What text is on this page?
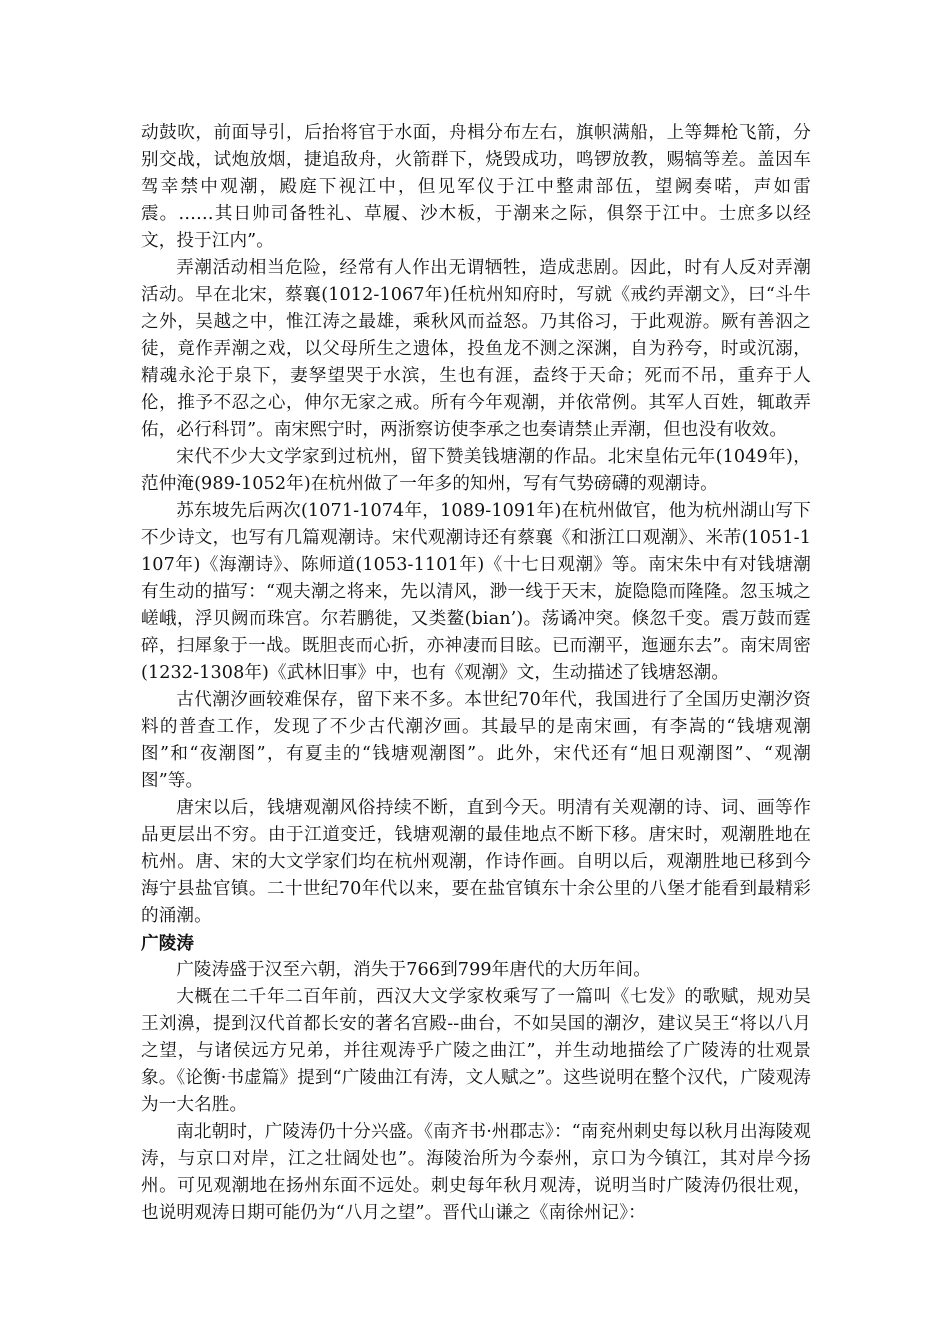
动鼓吹，前面导引，后抬将官于水面，舟楫分布左右，旗帜满船，上等舞枪飞箭，分别交战，试炮放烟，捷追敌舟，火箭群下，烧毁成功，鸣锣放教，赐犒等差。盖因车驾幸禁中观潮，殿庭下视江中，但见军仪于江中整肃部伍，望阙奏喏，声如雷震。……其日帅司备牲礼、草履、沙木板，于潮来之际，俱祭于江中。士庶多以经文，投于江内”。

弄潮活动相当危险，经常有人作出无谓牺牲，造成悲剧。因此，时有人反对弄潮活动。早在北宋，蔡襄(1012-1067年)任杭州知府时，写就《戒约弄潮文》，曰“斗牛之外，吴越之中，惟江涛之最雄，乘秋风而益怒。乃其俗习，于此观游。厥有善泅之徒，竟作弄潮之戏，以父母所生之遗体，投鱼龙不测之深渊，自为矜夸，时或沉溺，精魂永沦于泉下，妻孥望哭于水滨，生也有涯，盍终于天命；死而不吊，重弃于人伦，推予不忍之心，伸尔无家之戒。所有今年观潮，并依常例。其军人百姓，辄敢弄佑，必行科罚”。南宋熙宁时，两浙察访使李承之也奏请禁止弄潮，但也没有收效。

宋代不少大文学家到过杭州，留下赞美钱塘潮的作品。北宋皇佑元年(1049年)，范仲淹(989-1052年)在杭州做了一年多的知州，写有气势磅礴的观潮诗。

苏东坡先后两次(1071-1074年，1089-1091年)在杭州做官，他为杭州湖山写下不少诗文，也写有几篇观潮诗。宋代观潮诗还有蔡襄《和浙江口观潮》、米芾(1051-1107年)《海潮诗》、陈师道(1053-1101年)《十七日观潮》等。南宋朱中有对钱塘潮有生动的描写：“观夫潮之将来，先以清风，渺一线于天末，旋隐隐而隆隆。忽玉城之嵯峨，浮贝阙而珠宫。尔若鹏徙，又类鳌(bian’)。荡谲冲突。倏忽千变。震万鼓而霆碎，扫犀象于一战。既胆丧而心折，亦神凄而目眩。已而潮平，迤逦东去”。南宋周密(1232-1308年)《武林旧事》中，也有《观潮》文，生动描述了钱塘怒潮。

古代潮汐画较难保存，留下来不多。本世纪70年代，我国进行了全国历史潮汐资料的普查工作，发现了不少古代潮汐画。其最早的是南宋画，有李嵩的“钱塘观潮图”和“夜潮图”，有夏圭的“钱塘观潮图”。此外，宋代还有“旭日观潮图”、“观潮图”等。

唐宋以后，钱塘观潮风俗持续不断，直到今天。明清有关观潮的诗、词、画等作品更层出不穷。由于江道变迁，钱塘观潮的最佳地点不断下移。唐宋时，观潮胜地在杭州。唐、宋的大文学家们均在杭州观潮，作诗作画。自明以后，观潮胜地已移到今海宁县盐官镇。二十世纪70年代以来，要在盐官镇东十余公里的八堡才能看到最精彩的涌潮。

广陵涛

广陵涛盛于汉至六朝，消失于766到799年唐代的大历年间。

大概在二千年二百年前，西汉大文学家枚乘写了一篇叫《七发》的歌赋，规劝吴王刘濞，提到汉代首都长安的著名宫殿--曲台，不如吴国的潮汐，建议吴王“将以八月之望，与诸侯远方兄弟，并往观涛乎广陵之曲江”，并生动地描绘了广陵涛的壮观景象。《论衡·书虚篇》提到“广陵曲江有涛，文人赋之”。这些说明在整个汉代，广陵观涛为一大名胜。

南北朝时，广陵涛仍十分兴盛。《南齐书·州郡志》：“南兖州刺史每以秋月出海陵观涛，与京口对岸，江之壮阔处也”。海陵治所为今泰州，京口为今镇江，其对岸今扬州。可见观潮地在扬州东面不远处。刺史每年秋月观涛，说明当时广陵涛仍很壮观，也说明观涛日期可能仍为“八月之望”。晋代山谦之《南徐州记》：
